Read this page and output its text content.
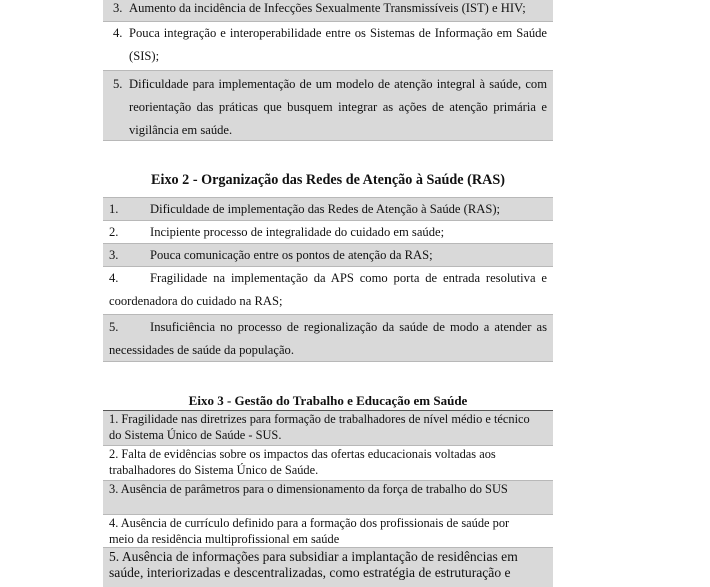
3. Aumento da incidência de Infecções Sexualmente Transmissíveis (IST) e HIV;
4. Pouca integração e interoperabilidade entre os Sistemas de Informação em Saúde (SIS);
5. Dificuldade para implementação de um modelo de atenção integral à saúde, com reorientação das práticas que busquem integrar as ações de atenção primária e vigilância em saúde.
Eixo 2 - Organização das Redes de Atenção à Saúde (RAS)
1.	Dificuldade de implementação das Redes de Atenção à Saúde (RAS);
2.	Incipiente processo de integralidade do cuidado em saúde;
3.	Pouca comunicação entre os pontos de atenção da RAS;
4.	Fragilidade na implementação da APS como porta de entrada resolutiva e coordenadora do cuidado na RAS;
5.	Insuficiência no processo de regionalização da saúde de modo a atender as necessidades de saúde da população.
Eixo 3 - Gestão do Trabalho e Educação em Saúde
1. Fragilidade nas diretrizes para formação de trabalhadores de nível médio e técnico do Sistema Único de Saúde - SUS.
2. Falta de evidências sobre os impactos das ofertas educacionais voltadas aos trabalhadores do Sistema Único de Saúde.
3. Ausência de parâmetros para o dimensionamento da força de trabalho do SUS
4. Ausência de currículo definido para a formação dos profissionais de saúde por meio da residência multiprofissional em saúde
5. Ausência de informações para subsidiar a implantação de residências em saúde, interiorizadas e descentralizadas, como estratégia de estruturação e
